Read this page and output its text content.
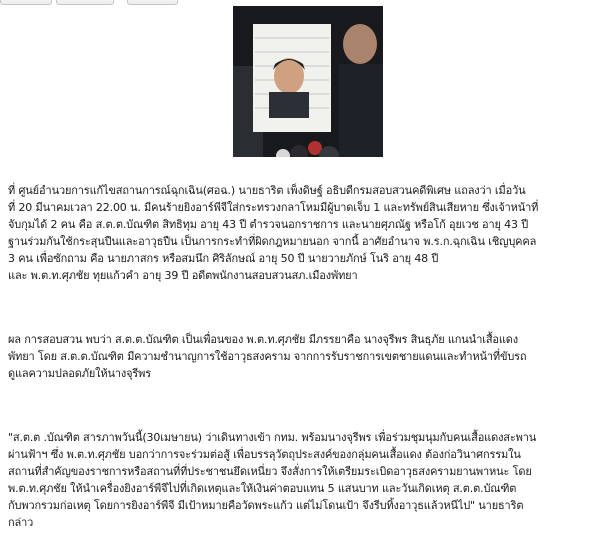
ที่ ศูนย์อำนวยการแก้ไขสถานการณ์ฉุกเฉิน(ศอฉ.) นายธาริต เพ็งดิษฐ์ อธิบดีกรมสอบสวนคดีพิเศษ แถลงว่า เมื่อวัน
ที่ 20 มีนาคมเวลา 22.00 น. มีคนร้ายยิงอาร์พีจีใส่กระทรวงกลาโหมมีผู้บาดเจ็บ 1 และทรัพย์สินเสียหาย ซึ่งเจ้าหน้าที่
จับกุมได้ 2 คน คือ ส.ต.ต.บัณฑิต สิทธิทุม อายุ 43 ปี ตำรวจนอกราชการ และนายศุภณัฐ หรือโก้ อุยเวช อายุ 43 ปี
ฐานร่วมกันใช้กระสุนปืนและอาวุธปืน เป็นการกระทำที่ผิดกฎหมายนอก จากนี้ อาศัยอำนาจ พ.ร.ก.ฉุกเฉิน เชิญบุคคล
3 คน เพื่อซักถาม คือ นายภาสกร หรือสมนึก ศิริลักษณ์ อายุ 50 ปี นายวายภักษ์ โนริ อายุ 48 ปี
และ พ.ต.ท.ศุภชัย ทุยแก้วคำ อายุ 39 ปี อดีตพนักงานสอบสวนสภ.เมืองพัทยา

ผล การสอบสวน พบว่า ส.ต.ต.บัณฑิต เป็นเพื่อนของ พ.ต.ท.ศุภชัย มีภรรยาคือ นางจุรีพร สินธุภัย แกนนำเสื้อแดง
พัทยา โดย ส.ต.ต.บัณฑิต มีความชำนาญการใช้อาวุธสงคราม จากการรับราชการเขตชายแดนและทำหน้าที่ขับรถ
ดูแลความปลอดภัยให้นางจุรีพร

"ส.ต.ต .บัณฑิต สารภาพวันนี้(30เมษายน) ว่าเดินทางเข้า กทม. พร้อมนางจุรีพร เพื่อร่วมชุมนุมกับคนเสื้อแดงสะพาน
ผ่านฟ้าฯ ซึ่ง พ.ต.ท.ศุภชัย บอกว่าการจะร่วมต่อสู้ เพื่อบรรลุวัตถุประสงค์ของกลุ่มคนเสื้อแดง ต้องก่อวินาศกรรมใน
สถานที่สำคัญของราชการหรือสถานที่ที่ประชาชนยึดเหนี่ยว จึงสั่งการให้เตรียมระเบิดอาวุธสงครามยานพาหนะ โดย
พ.ต.ท.ศุภชัย ให้นำเครื่องยิงอาร์พีจีไปที่เกิดเหตุและให้เงินค่าตอบแทน 5 แสนบาท และวันเกิดเหตุ ส.ต.ต.บัณฑิต
กับพวกรวมก่อเหตุ โดยการยิงอาร์พีจี มีเป้าหมายคือวัดพระแก้ว แต่ไม่โดนเป้า จึงรีบทิ้งอาวุธแล้วหนีไป" นายธาริต
กล่าว
